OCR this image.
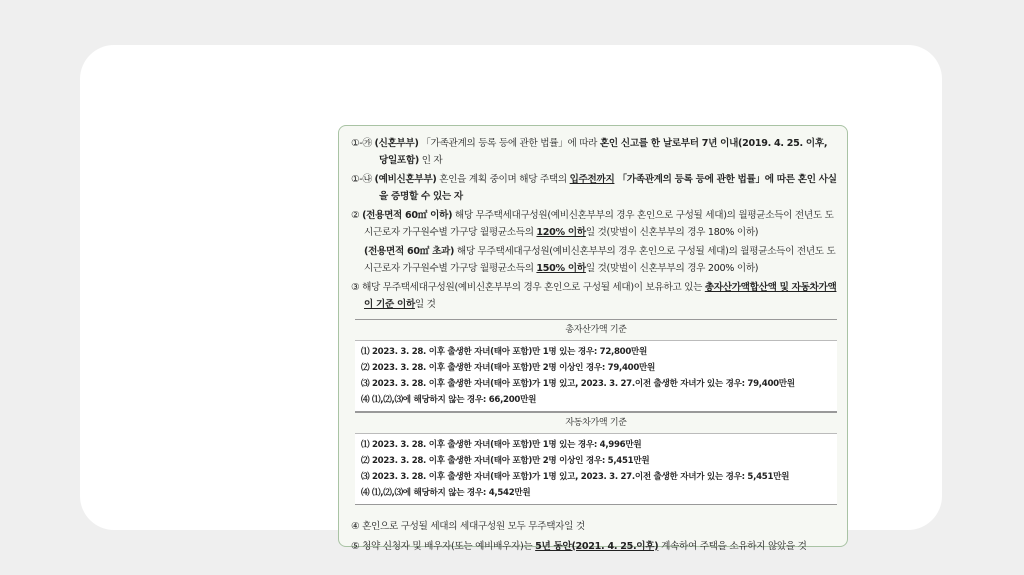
①-㉮ (신혼부부) 「가족관계의 등록 등에 관한 법률」에 따라 혼인 신고를 한 날로부터 7년 이내(2019. 4. 25. 이후, 당일포함) 인 자
①-㉯ (예비신혼부부) 혼인을 계획 중이며 해당 주택의 입주전까지 「가족관계의 등록 등에 관한 법률」에 따른 혼인 사실을 증명할 수 있는 자
② (전용면적 60㎡ 이하) 해당 무주택세대구성원(예비신혼부부의 경우 혼인으로 구성될 세대)의 월평균소득이 전년도 도시근로자 가구원수별 가구당 월평균소득의 120% 이하일 것(맞벌이 신혼부부의 경우 180% 이하)
(전용면적 60㎡ 초과) 해당 무주택세대구성원(예비신혼부부의 경우 혼인으로 구성될 세대)의 월평균소득이 전년도 도시근로자 가구원수별 가구당 월평균소득의 150% 이하일 것(맞벌이 신혼부부의 경우 200% 이하)
③ 해당 무주택세대구성원(예비신혼부부의 경우 혼인으로 구성될 세대)이 보유하고 있는 총자산가액합산액 및 자동차가액이 기준 이하일 것
총자산가액 기준
⑴ 2023. 3. 28. 이후 출생한 자녀(태아 포함)만 1명 있는 경우: 72,800만원
⑵ 2023. 3. 28. 이후 출생한 자녀(태아 포함)만 2명 이상인 경우: 79,400만원
⑶ 2023. 3. 28. 이후 출생한 자녀(태아 포함)가 1명 있고, 2023. 3. 27.이전 출생한 자녀가 있는 경우: 79,400만원
⑷ ⑴,⑵,⑶에 해당하지 않는 경우: 66,200만원
자동차가액 기준
⑴ 2023. 3. 28. 이후 출생한 자녀(태아 포함)만 1명 있는 경우: 4,996만원
⑵ 2023. 3. 28. 이후 출생한 자녀(태아 포함)만 2명 이상인 경우: 5,451만원
⑶ 2023. 3. 28. 이후 출생한 자녀(태아 포함)가 1명 있고, 2023. 3. 27.이전 출생한 자녀가 있는 경우: 5,451만원
⑷ ⑴,⑵,⑶에 해당하지 않는 경우: 4,542만원
④ 혼인으로 구성될 세대의 세대구성원 모두 무주택자일 것
⑤ 청약 신청자 및 배우자(또는 예비배우자)는 5년 동안(2021. 4. 25.이후) 계속하여 주택을 소유하지 않았을 것
